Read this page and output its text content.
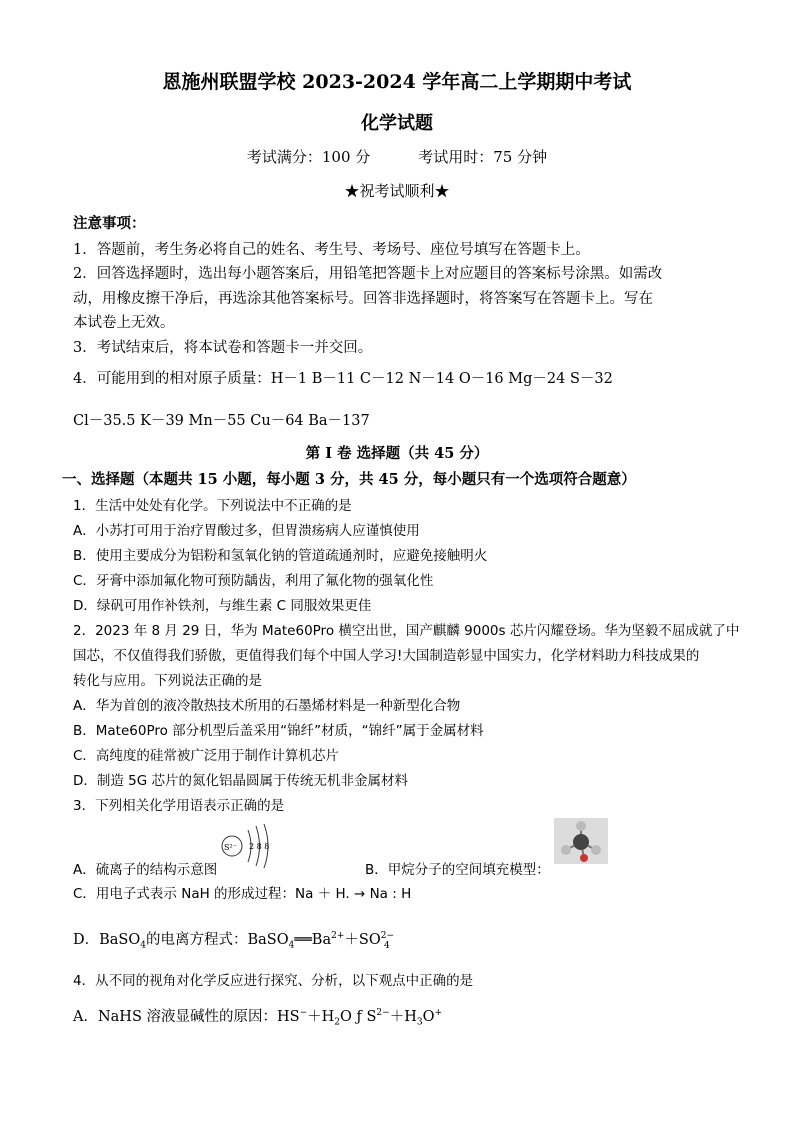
恩施州联盟学校 2023-2024 学年高二上学期期中考试
化学试题
考试满分：100 分	考试用时：75 分钟
★祝考试顺利★
注意事项：
1．答题前，考生务必将自己的姓名、考生号、考场号、座位号填写在答题卡上。
2．回答选择题时，选出每小题答案后，用铅笔把答题卡上对应题目的答案标号涂黑。如需改
动，用橡皮擦干净后，再选涂其他答案标号。回答非选择题时，将答案写在答题卡上。写在
本试卷上无效。
3．考试结束后，将本试卷和答题卡一并交回。
4．可能用到的相对原子质量：H－1 B－11 C－12 N－14 O－16 Mg－24 S－32
Cl－35.5 K－39 Mn－55 Cu－64 Ba－137
第 I 卷 选择题（共 45 分）
一、选择题（本题共 15 小题，每小题 3 分，共 45 分，每小题只有一个选项符合题意）
1．生活中处处有化学。下列说法中不正确的是
A．小苏打可用于治疗胃酸过多，但胃溃疡病人应谨慎使用
B．使用主要成分为铝粉和氢氧化钠的管道疏通剂时，应避免接触明火
C．牙膏中添加氟化物可预防龋齿，利用了氟化物的强氧化性
D．绿矾可用作补铁剂，与维生素 C 同服效果更佳
2．2023 年 8 月 29 日，华为 Mate60Pro 横空出世，国产麒麟 9000s 芯片闪耀登场。华为坚毅不屈成就了中
国芯，不仅值得我们骄傲，更值得我们每个中国人学习!大国制造彰显中国实力，化学材料助力科技成果的
转化与应用。下列说法正确的是
A．华为首创的液冷散热技术所用的石墨烯材料是一种新型化合物
B．Mate60Pro 部分机型后盖采用“锦纤”材质，“锦纤”属于金属材料
C．高纯度的硅常被广泛用于制作计算机芯片
D．制造 5G 芯片的氮化铝晶圆属于传统无机非金属材料
3．下列相关化学用语表示正确的是
S²⁻ 2 8 8
A．硫离子的结构示意图	B．甲烷分子的空间填充模型：
C．用电子式表示 NaH 的形成过程：Na ＋ H. → Na : H
D．BaSO$_4$的电离方程式：$BaSO_4══Ba^{2+}+SO^{2-}_4$
4．从不同的视角对化学反应进行探究、分析，以下观点中正确的是
A．NaHS 溶液显碱性的原因：$HS^-+H_2O$ ƒ $S^{2-}+H_3O^+$
